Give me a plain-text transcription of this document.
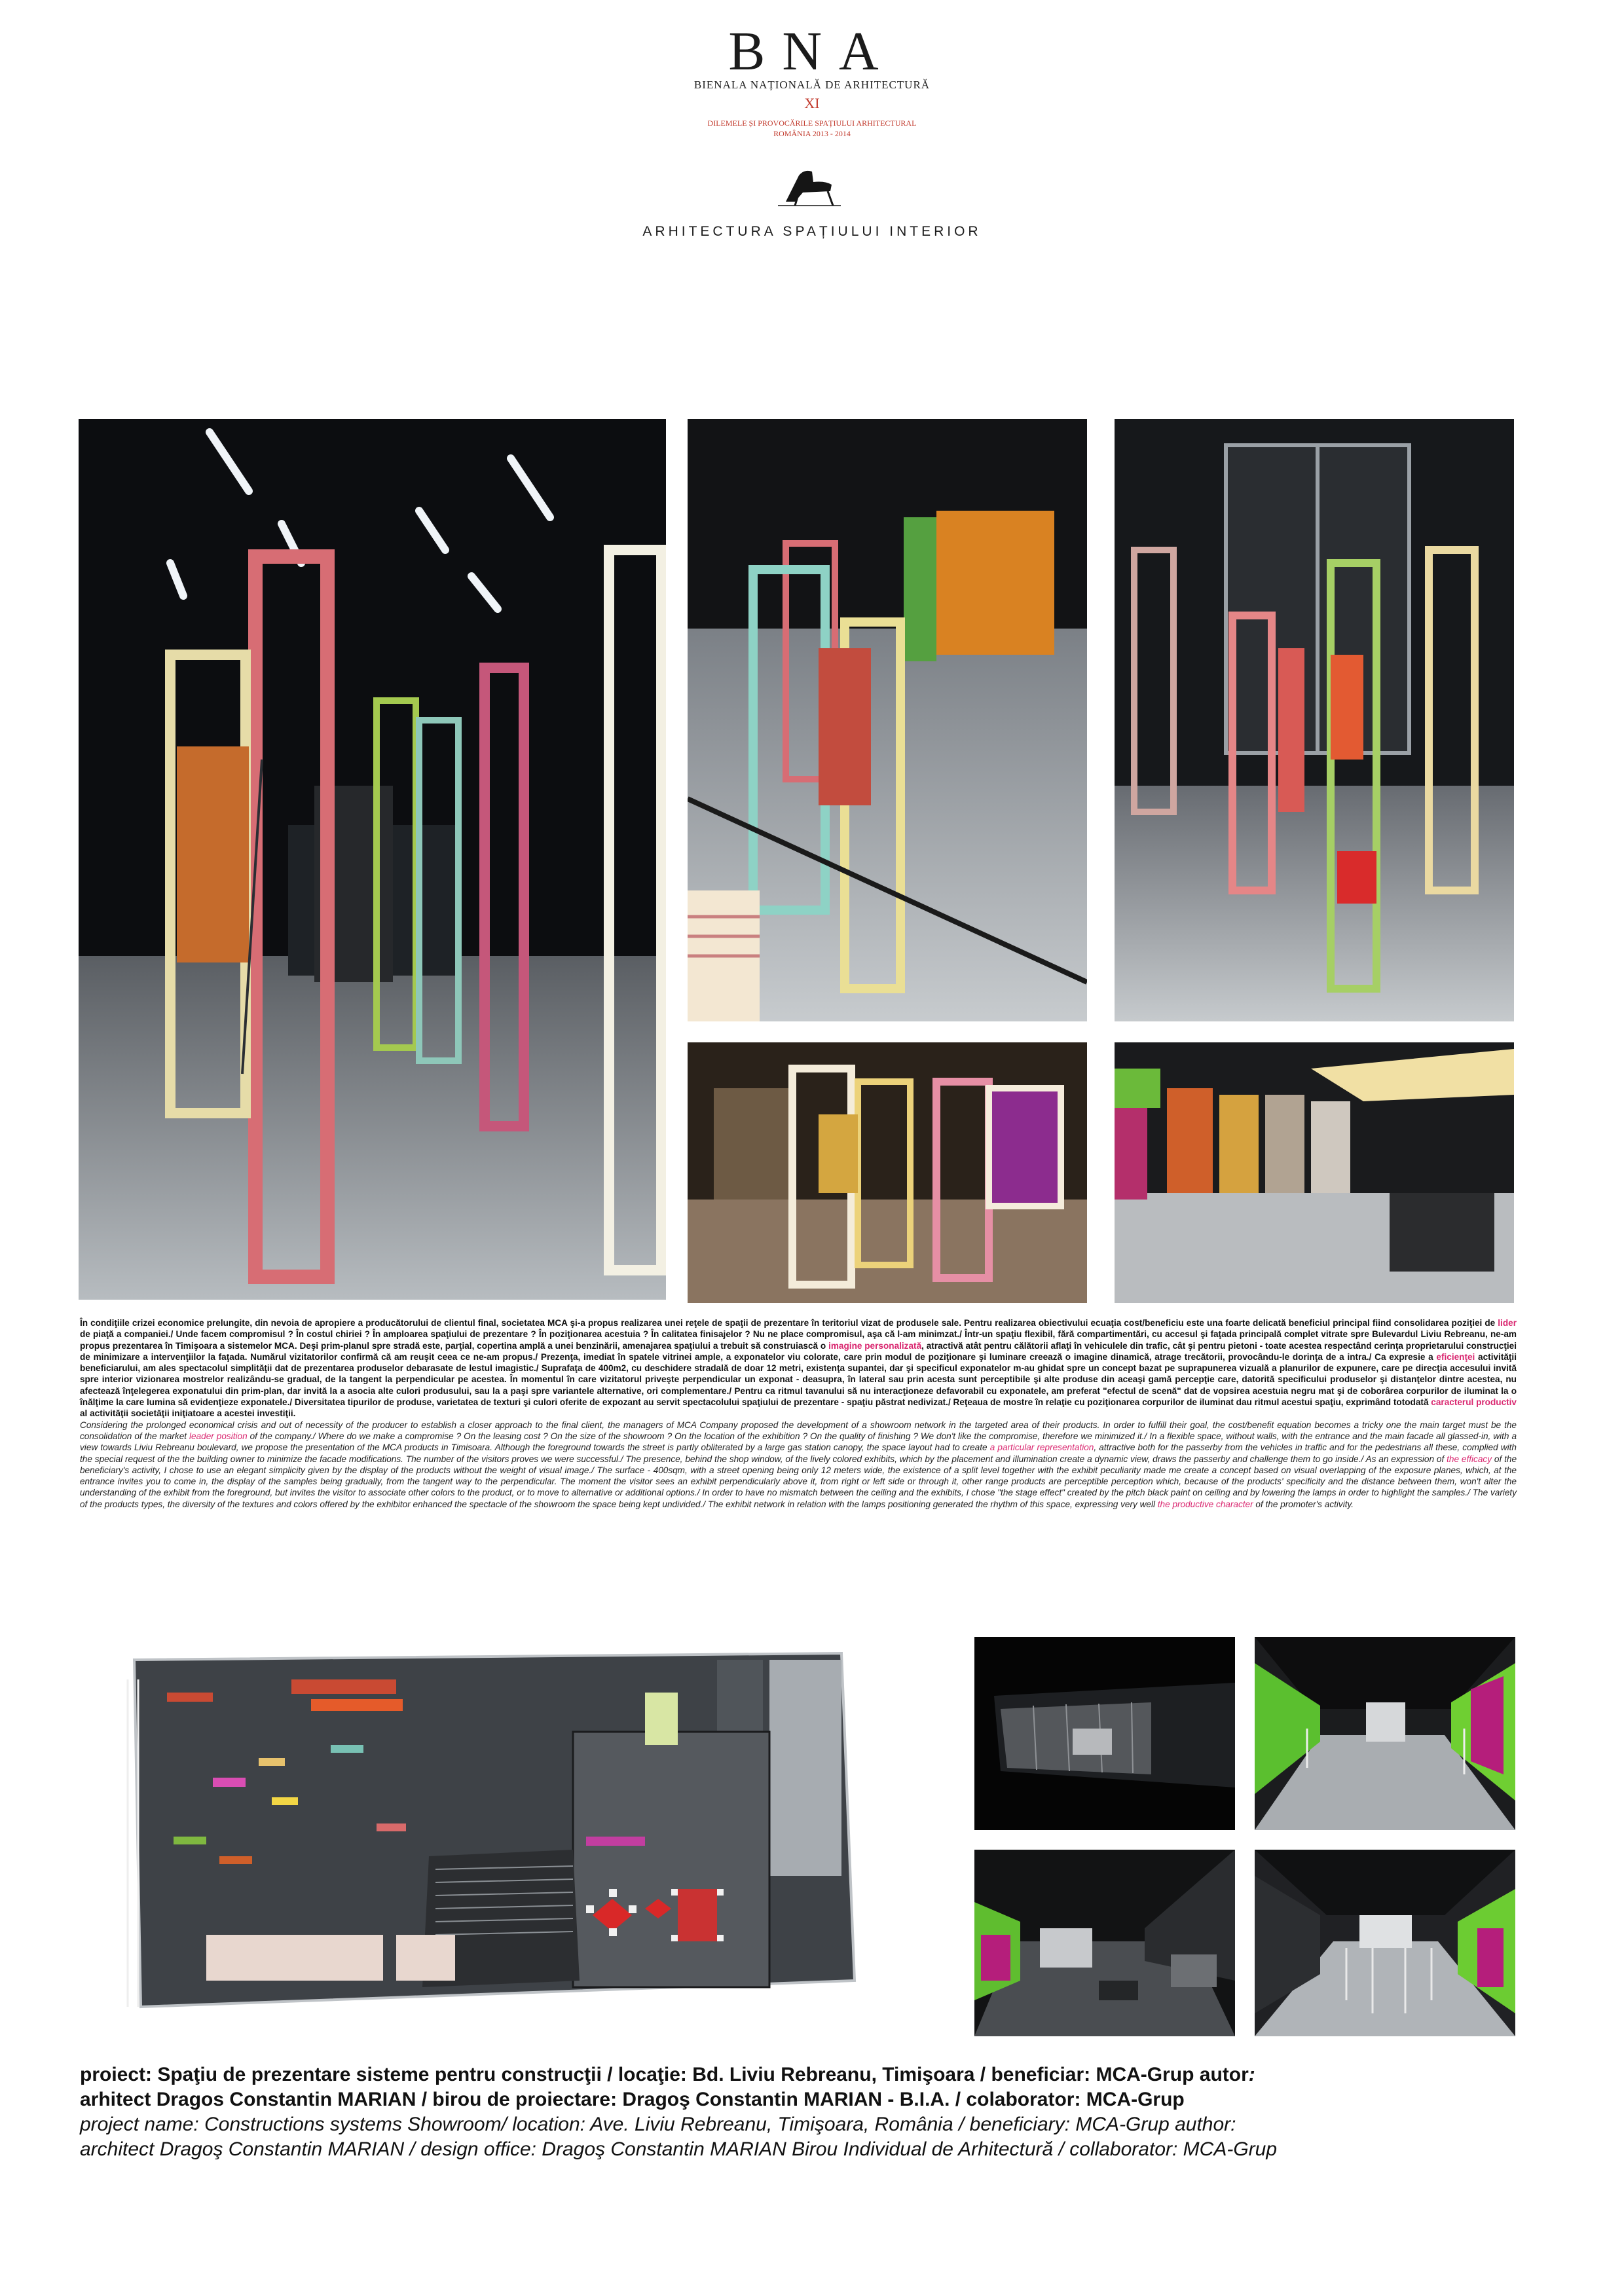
BNA
BIENALA NAȚIONALĂ DE ARHITECTURĂ
XI
DILEMELE ȘI PROVOCĂRILE SPAȚIULUI ARHITECTURAL
ROMÂNIA 2013 - 2014
ARHITECTURA SPAȚIULUI INTERIOR

În condiţiile crizei economice prelungite, din nevoia de apropiere a producătorului de clientul final, societatea MCA şi-a propus realizarea unei reţele de spaţii de prezentare în teritoriul vizat de produsele sale. Pentru realizarea obiectivului ecuaţia cost/beneficiu este una foarte delicată beneficiul principal fiind consolidarea poziţiei de lider de piaţă a companiei./ Unde facem compromisul ? În costul chiriei ? În amploarea spaţiului de prezentare ? În poziţionarea acestuia ? În calitatea finisajelor ? Nu ne place compromisul, aşa că l-am minimzat./ Într-un spaţiu flexibil, fără compartimentări, cu accesul şi faţada principală complet vitrate spre Bulevardul Liviu Rebreanu, ne-am propus prezentarea în Timişoara a sistemelor MCA. Deşi prim-planul spre stradă este, parţial, copertina amplă a unei benzinării, amenajarea spaţiului a trebuit să construiască o imagine personalizată, atractivă atât pentru călătorii aflaţi în vehiculele din trafic, cât şi pentru pietoni - toate acestea respectând cerinţa proprietarului construcţiei de minimizare a intervenţiilor la faţada. Numărul vizitatorilor confirmă că am reuşit ceea ce ne-am propus./ Prezenţa, imediat în spatele vitrinei ample, a exponatelor viu colorate, care prin modul de poziţionare şi luminare creează o imagine dinamică, atrage trecătorii, provocându-le dorinţa de a intra./ Ca expresie a eficienţei activităţii beneficiarului, am ales spectacolul simplităţii dat de prezentarea produselor debarasate de lestul imagistic./ Suprafaţa de 400m2, cu deschidere stradală de doar 12 metri, existenţa supantei, dar şi specificul exponatelor m-au ghidat spre un concept bazat pe suprapunerea vizuală a planurilor de expunere, care pe direcţia accesului invită spre interior vizionarea mostrelor realizându-se gradual, de la tangent la perpendicular pe acestea. În momentul în care vizitatorul priveşte perpendicular un exponat - deasupra, în lateral sau prin acesta sunt perceptibile şi alte produse din aceaşi gamă percepţie care, datorită specificului produselor şi distanţelor dintre acestea, nu afectează înţelegerea exponatului din prim-plan, dar invită la a asocia alte culori produsului, sau la a paşi spre variantele alternative, ori complementare./ Pentru ca ritmul tavanului să nu interacţioneze defavorabil cu exponatele, am preferat "efectul de scenă" dat de vopsirea acestuia negru mat şi de coborârea corpurilor de iluminat la o înălţime la care lumina să evidenţieze exponatele./ Diversitatea tipurilor de produse, varietatea de texturi şi culori oferite de expozant au servit spectacolului spaţiului de prezentare - spaţiu păstrat nedivizat./ Reţeaua de mostre în relaţie cu poziţionarea corpurilor de iluminat dau ritmul acestui spaţiu, exprimând totodată caracterul productiv al activităţii societăţii iniţiatoare a acestei investiţii.

Considering the prolonged economical crisis and out of necessity of the producer to establish a closer approach to the final client, the managers of MCA Company proposed the development of a showroom network in the targeted area of their products. In order to fulfill their goal, the cost/benefit equation becomes a tricky one the main target must be the consolidation of the market leader position of the company./ Where do we make a compromise ? On the leasing cost ? On the size of the showroom ? On the location of the exhibition ? On the quality of finishing ? We don't like the compromise, therefore we minimized it./ In a flexible space, without walls, with the entrance and the main facade all glassed-in, with a view towards Liviu Rebreanu boulevard, we propose the presentation of the MCA products in Timisoara. Although the foreground towards the street is partly obliterated by a large gas station canopy, the space layout had to create a particular representation, attractive both for the passerby from the vehicles in traffic and for the pedestrians all these, complied with the special request of the the building owner to minimize the facade modifications. The number of the visitors proves we were successful./ The presence, behind the shop window, of the lively colored exhibits, which by the placement and illumination create a dynamic view, draws the passerby and challenge them to go inside./ As an expression of the efficacy of the beneficiary's activity, I chose to use an elegant simplicity given by the display of the products without the weight of visual image./ The surface - 400sqm, with a street opening being only 12 meters wide, the existence of a split level together with the exhibit peculiarity made me create a concept based on visual overlapping of the exposure planes, which, at the entrance invites you to come in, the display of the samples being gradually, from the tangent way to the perpendicular. The moment the visitor sees an exhibit perpendicularly above it, from right or left side or through it, other range products are perceptible perception which, because of the products' specificity and the distance between them, won't alter the understanding of the exhibit from the foreground, but invites the visitor to associate other colors to the product, or to move to alternative or additional options./ In order to have no mismatch between the ceiling and the exhibits, I chose "the stage effect" created by the pitch black paint on ceiling and by lowering the lamps in order to highlight the samples./ The variety of the products types, the diversity of the textures and colors offered by the exhibitor enhanced the spectacle of the showroom the space being kept undivided./ The exhibit network in relation with the lamps positioning generated the rhythm of this space, expressing very well the productive character of the promoter's activity.

proiect: Spaţiu de prezentare sisteme pentru construcţii / locaţie: Bd. Liviu Rebreanu, Timişoara / beneficiar: MCA-Grup autor:
arhitect Dragos Constantin MARIAN / birou de proiectare: Dragoş Constantin MARIAN - B.I.A. / colaborator: MCA-Grup
project name: Constructions systems Showroom/ location: Ave. Liviu Rebreanu, Timişoara, România / beneficiary: MCA-Grup author:
architect Dragoş Constantin MARIAN / design office: Dragoş Constantin MARIAN Birou Individual de Arhitectură / collaborator: MCA-Grup
